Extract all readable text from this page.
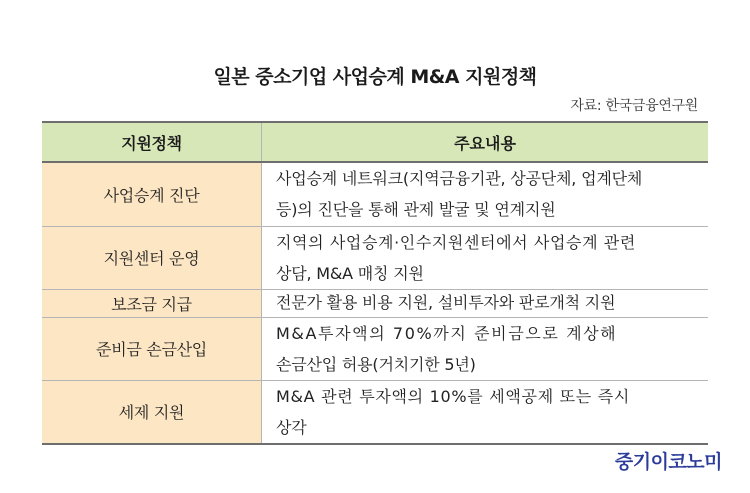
일본 중소기업 사업승계 M&A 지원정책
자료: 한국금융연구원
지원정책	주요내용
사업승계 진단	사업승계 네트워크(지역금융기관, 상공단체, 업계단체
등)의 진단을 통해 관제 발굴 및 연계지원

지원센터 운영	지역의 사업승계·인수지원센터에서 사업승계 관련
상담, M&A 매칭 지원

보조금 지급	전문가 활용 비용 지원, 설비투자와 판로개척 지원

준비금 손금산입	M&A투자액의 70%까지 준비금으로 계상해
손금산입 허용(거치기한 5년)

세제 지원	M&A 관련 투자액의 10%를 세액공제 또는 즉시
상각
중기이코노미
